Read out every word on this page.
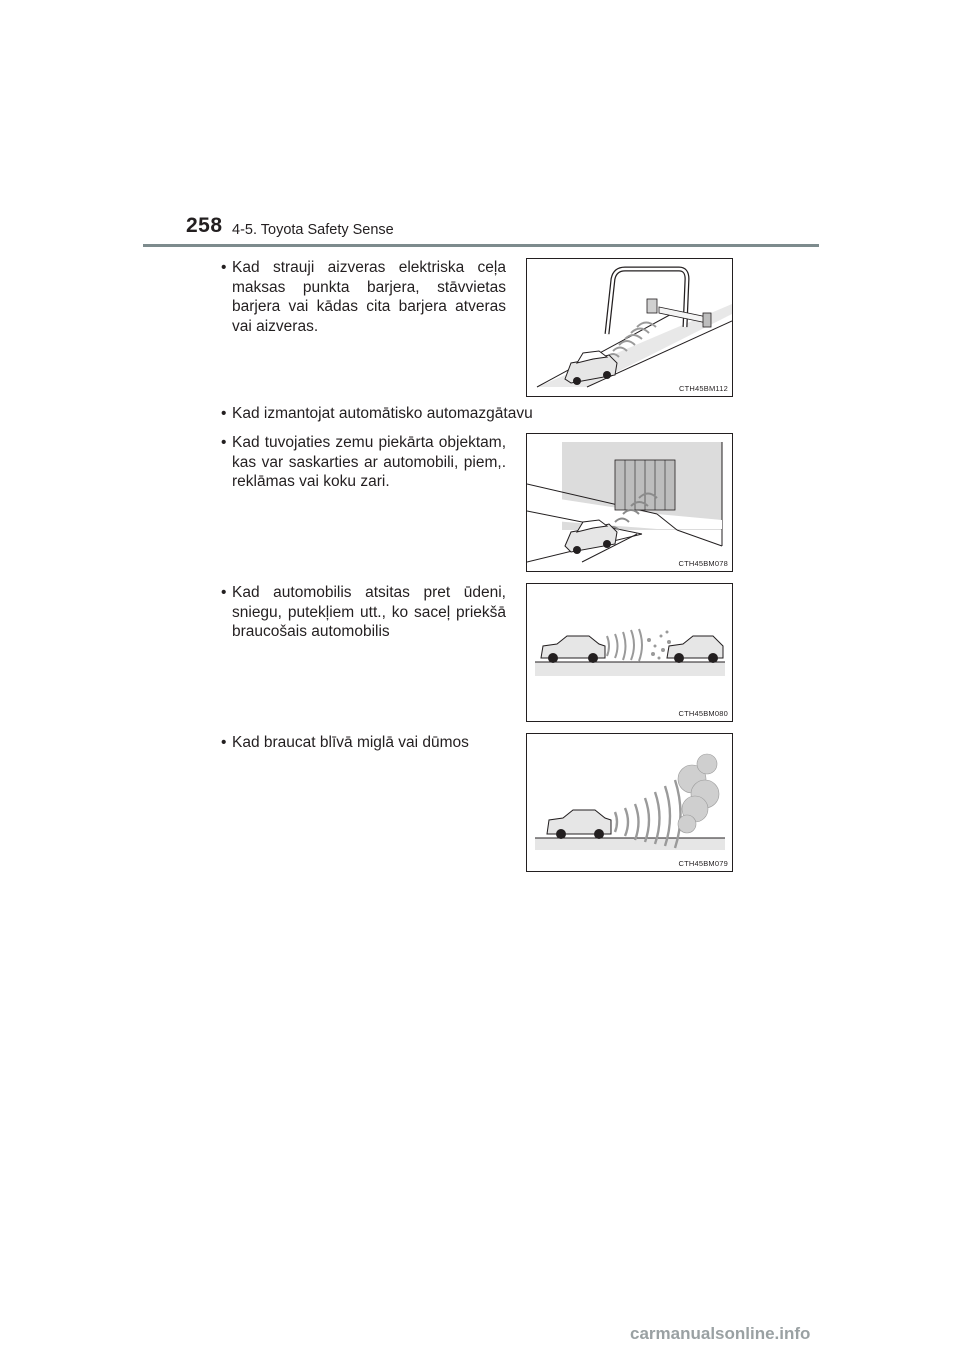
258 4-5. Toyota Safety Sense
• Kad strauji aizveras elektriska ceļa maksas punkta barjera, stāvvietas barjera vai kādas cita barjera atveras vai aizveras.
CTH45BM112
• Kad izmantojat automātisko automazgātavu
• Kad tuvojaties zemu piekārta objektam, kas var saskarties ar automobili, piem,. reklāmas vai koku zari.
CTH45BM078
• Kad automobilis atsitas pret ūdeni, sniegu, putekļiem utt., ko saceļ priekšā braucošais automobilis
CTH45BM080
• Kad braucat blīvā miglā vai dūmos
CTH45BM079
carmanualsonline.info
